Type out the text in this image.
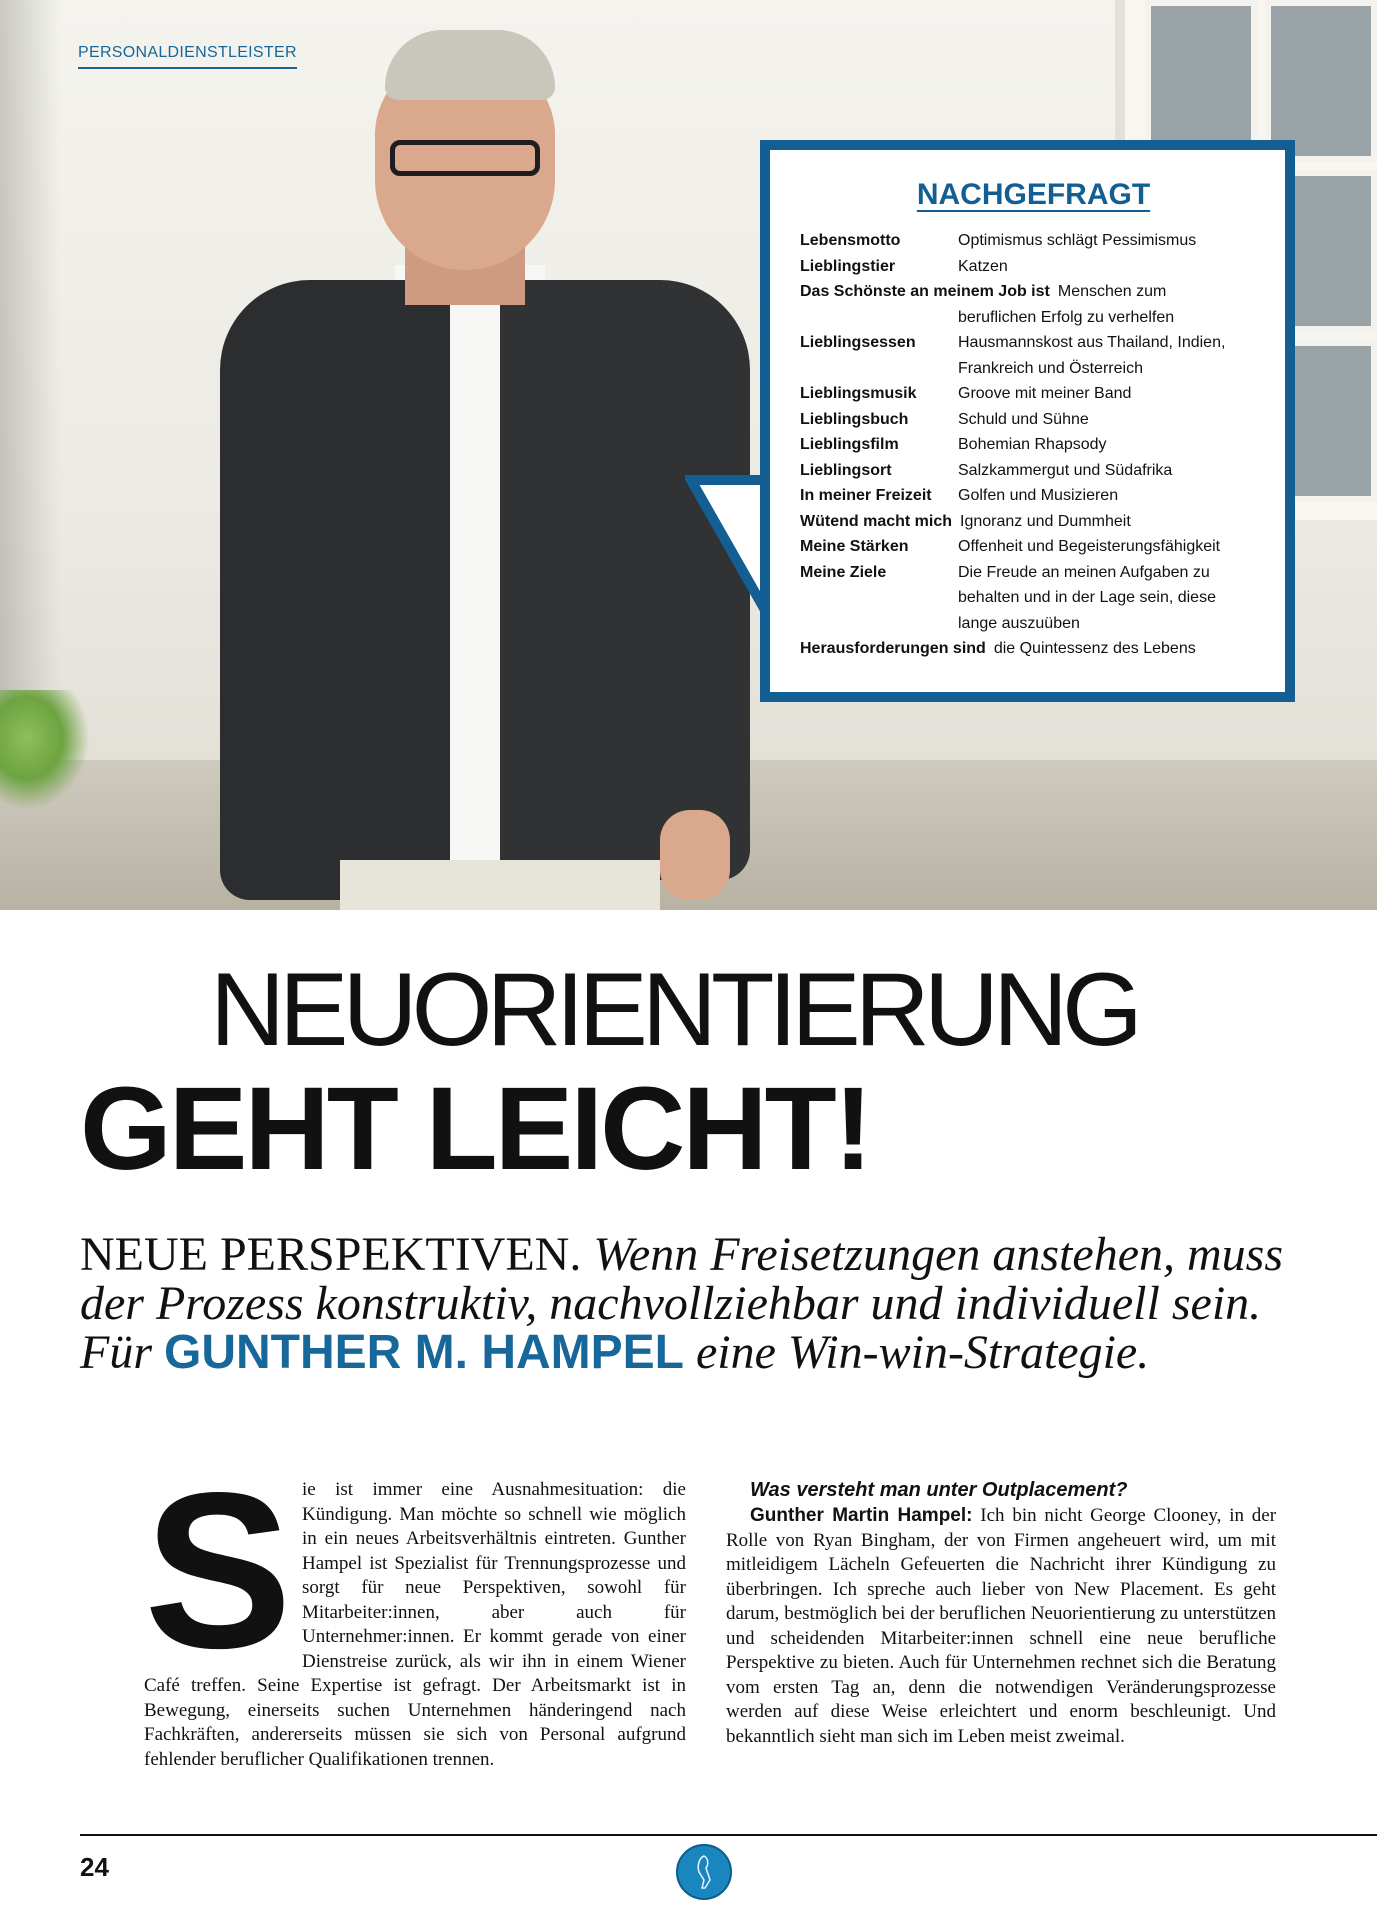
PERSONALDIENSTLEISTER
NACHGEFRAGT
Lebensmotto	Optimismus schlägt Pessimismus
Lieblingstier	Katzen
Das Schönste an meinem Job ist Menschen zum
beruflichen Erfolg zu verhelfen
Lieblingsessen	Hausmannskost aus Thailand, Indien,
Frankreich und Österreich
Lieblingsmusik	Groove mit meiner Band
Lieblingsbuch	Schuld und Sühne
Lieblingsfilm	Bohemian Rhapsody
Lieblingsort	Salzkammergut und Südafrika
In meiner Freizeit	Golfen und Musizieren
Wütend macht mich Ignoranz und Dummheit
Meine Stärken	Offenheit und Begeisterungsfähigkeit
Meine Ziele	Die Freude an meinen Aufgaben zu
behalten und in der Lage sein, diese
lange auszuüben
Herausforderungen sind die Quintessenz des Lebens
NEUORIENTIERUNG
GEHT LEICHT!

NEUE PERSPEKTIVEN. Wenn Freisetzungen anstehen, muss der Prozess konstruktiv, nachvollziehbar und individuell sein. Für GUNTHER M. HAMPEL eine Win-win-Strategie.

Sie ist immer eine Ausnahmesituation: die Kündigung. Man möchte so schnell wie möglich in ein neues Arbeitsverhältnis eintreten. Gunther Hampel ist Spezialist für Trennungsprozesse und sorgt für neue Perspektiven, sowohl für Mitarbeiter:innen, aber auch für Unternehmer:innen. Er kommt gerade von einer Dienstreise zurück, als wir ihn in einem Wiener Café treffen. Seine Expertise ist gefragt. Der Arbeitsmarkt ist in Bewegung, einerseits suchen Unternehmen händeringend nach Fachkräften, andererseits müssen sie sich von Personal aufgrund fehlender beruflicher Qualifikationen trennen.
Was versteht man unter Outplacement?

Gunther Martin Hampel: Ich bin nicht George Clooney, in der Rolle von Ryan Bingham, der von Firmen angeheuert wird, um mit mitleidigem Lächeln Gefeuerten die Nachricht ihrer Kündigung zu überbringen. Ich spreche auch lieber von New Placement. Es geht darum, bestmöglich bei der beruflichen Neuorientierung zu unterstützen und scheidenden Mitarbeiter:innen schnell eine neue berufliche Perspektive zu bieten. Auch für Unternehmen rechnet sich die Beratung vom ersten Tag an, denn die notwendigen Veränderungsprozesse werden auf diese Weise erleichtert und enorm beschleunigt. Und bekanntlich sieht man sich im Leben meist zweimal.

24
